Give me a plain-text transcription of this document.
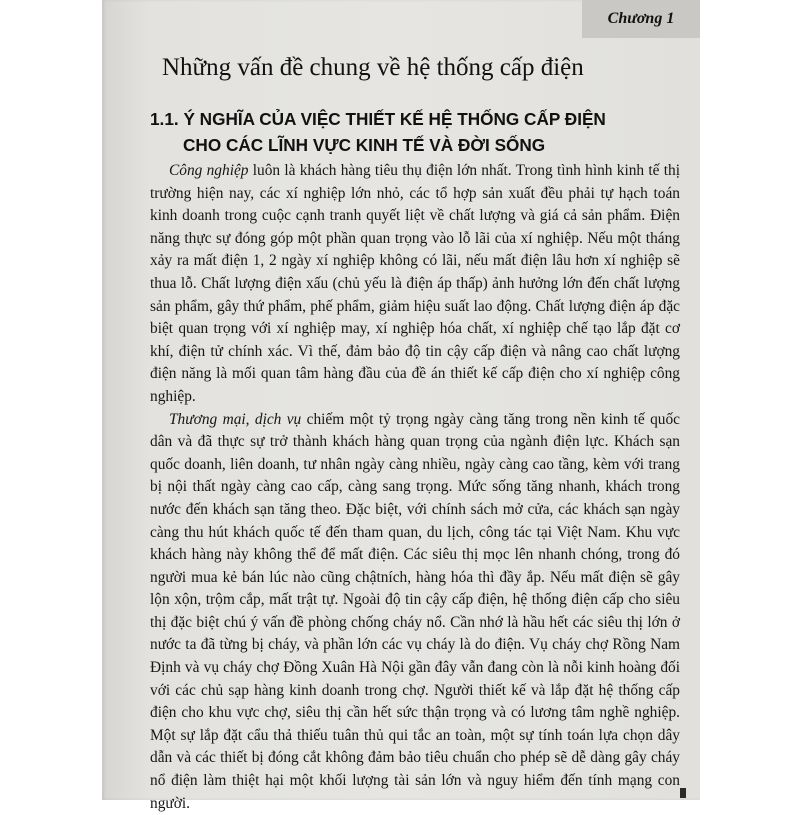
Chương 1
Những vấn đề chung về hệ thống cấp điện
1.1. Ý NGHĨA CỦA VIỆC THIẾT KẾ HỆ THỐNG CẤP ĐIỆN
CHO CÁC LĨNH VỰC KINH TẾ VÀ ĐỜI SỐNG

Công nghiệp luôn là khách hàng tiêu thụ điện lớn nhất. Trong tình hình kinh tế thị trường hiện nay, các xí nghiệp lớn nhỏ, các tổ hợp sản xuất đều phải tự hạch toán kinh doanh trong cuộc cạnh tranh quyết liệt về chất lượng và giá cả sản phẩm. Điện năng thực sự đóng góp một phần quan trọng vào lỗ lãi của xí nghiệp. Nếu một tháng xảy ra mất điện 1, 2 ngày xí nghiệp không có lãi, nếu mất điện lâu hơn xí nghiệp sẽ thua lỗ. Chất lượng điện xấu (chủ yếu là điện áp thấp) ảnh hưởng lớn đến chất lượng sản phẩm, gây thứ phẩm, phế phẩm, giảm hiệu suất lao động. Chất lượng điện áp đặc biệt quan trọng với xí nghiệp may, xí nghiệp hóa chất, xí nghiệp chế tạo lắp đặt cơ khí, điện tử chính xác. Vì thế, đảm bảo độ tin cậy cấp điện và nâng cao chất lượng điện năng là mối quan tâm hàng đầu của đề án thiết kế cấp điện cho xí nghiệp công nghiệp.

Thương mại, dịch vụ chiếm một tỷ trọng ngày càng tăng trong nền kinh tế quốc dân và đã thực sự trở thành khách hàng quan trọng của ngành điện lực. Khách sạn quốc doanh, liên doanh, tư nhân ngày càng nhiều, ngày càng cao tầng, kèm với trang bị nội thất ngày càng cao cấp, càng sang trọng. Mức sống tăng nhanh, khách trong nước đến khách sạn tăng theo. Đặc biệt, với chính sách mở cửa, các khách sạn ngày càng thu hút khách quốc tế đến tham quan, du lịch, công tác tại Việt Nam. Khu vực khách hàng này không thể để mất điện. Các siêu thị mọc lên nhanh chóng, trong đó người mua kẻ bán lúc nào cũng chậtních, hàng hóa thì đầy ắp. Nếu mất điện sẽ gây lộn xộn, trộm cắp, mất trật tự. Ngoài độ tin cậy cấp điện, hệ thống điện cấp cho siêu thị đặc biệt chú ý vấn đề phòng chống cháy nổ. Cần nhớ là hầu hết các siêu thị lớn ở nước ta đã từng bị cháy, và phần lớn các vụ cháy là do điện. Vụ cháy chợ Rồng Nam Định và vụ cháy chợ Đồng Xuân Hà Nội gần đây vẫn đang còn là nỗi kinh hoàng đối với các chủ sạp hàng kinh doanh trong chợ. Người thiết kế và lắp đặt hệ thống cấp điện cho khu vực chợ, siêu thị cần hết sức thận trọng và có lương tâm nghề nghiệp. Một sự lắp đặt cẩu thả thiếu tuân thủ qui tắc an toàn, một sự tính toán lựa chọn dây dẫn và các thiết bị đóng cắt không đảm bảo tiêu chuẩn cho phép sẽ dễ dàng gây cháy nổ điện làm thiệt hại một khối lượng tài sản lớn và nguy hiểm đến tính mạng con người.
